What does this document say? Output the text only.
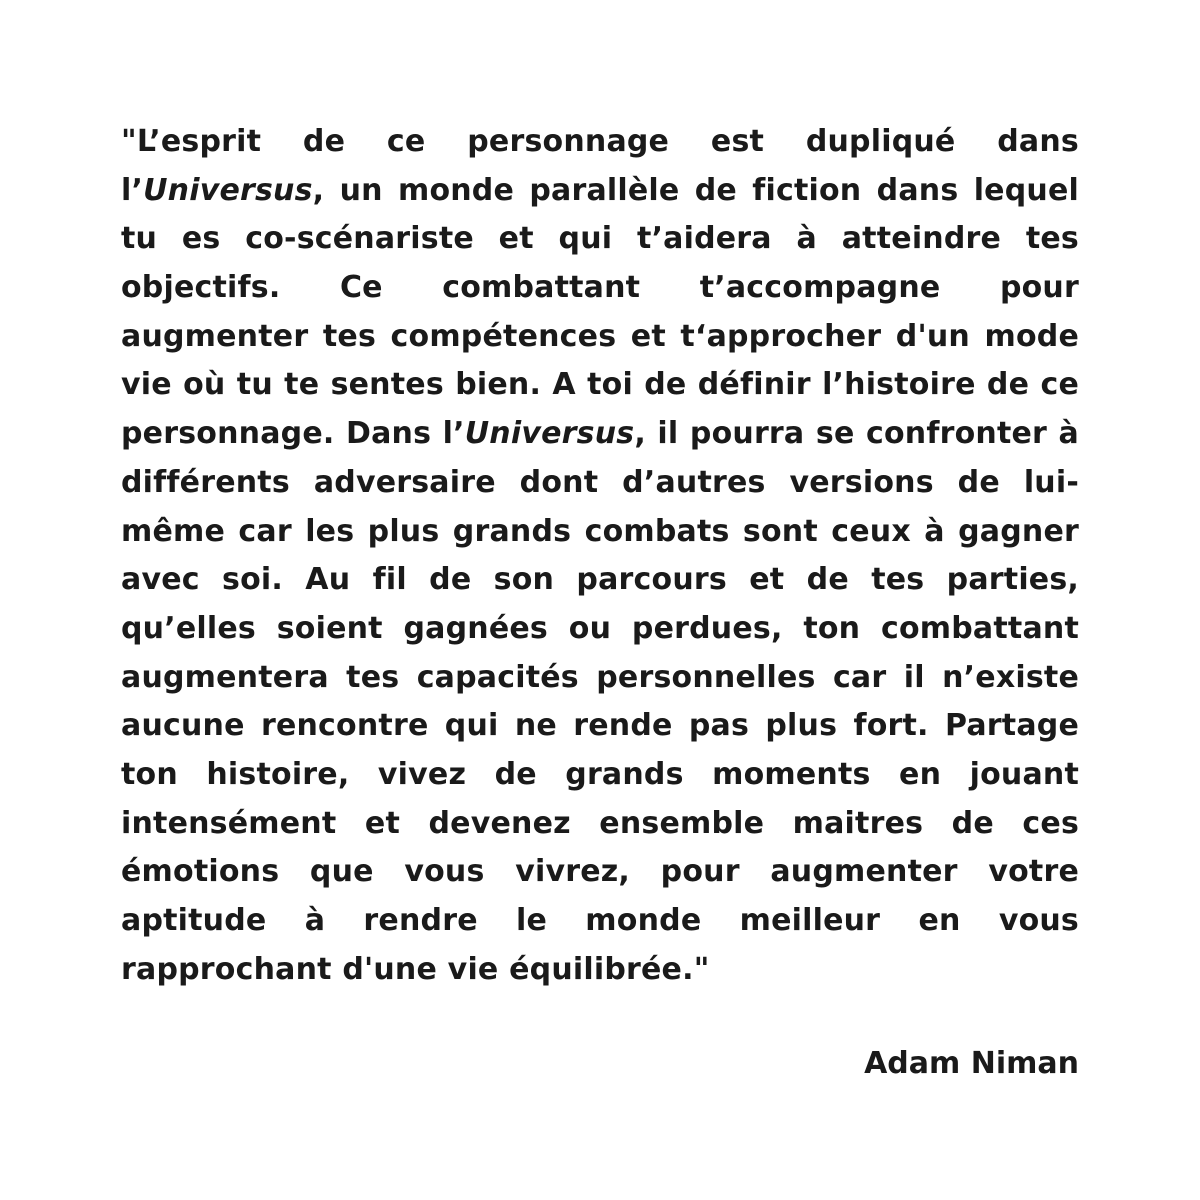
"L’esprit de ce personnage est dupliqué dans
l’Universus, un monde parallèle de fiction dans lequel
tu es co-scénariste et qui t’aidera à atteindre tes
objectifs. Ce combattant t’accompagne pour
augmenter tes compétences et t‘approcher d'un mode
vie où tu te sentes bien. A toi de définir l’histoire de ce
personnage. Dans l’Universus, il pourra se confronter à
différents adversaire dont d’autres versions de lui-
même car les plus grands combats sont ceux à gagner
avec soi. Au fil de son parcours et de tes parties,
qu’elles soient gagnées ou perdues, ton combattant
augmentera tes capacités personnelles car il n’existe
aucune rencontre qui ne rende pas plus fort. Partage
ton histoire, vivez de grands moments en jouant
intensément et devenez ensemble maitres de ces
émotions que vous vivrez, pour augmenter votre
aptitude à rendre le monde meilleur en vous
rapprochant d'une vie équilibrée."
Adam Niman
